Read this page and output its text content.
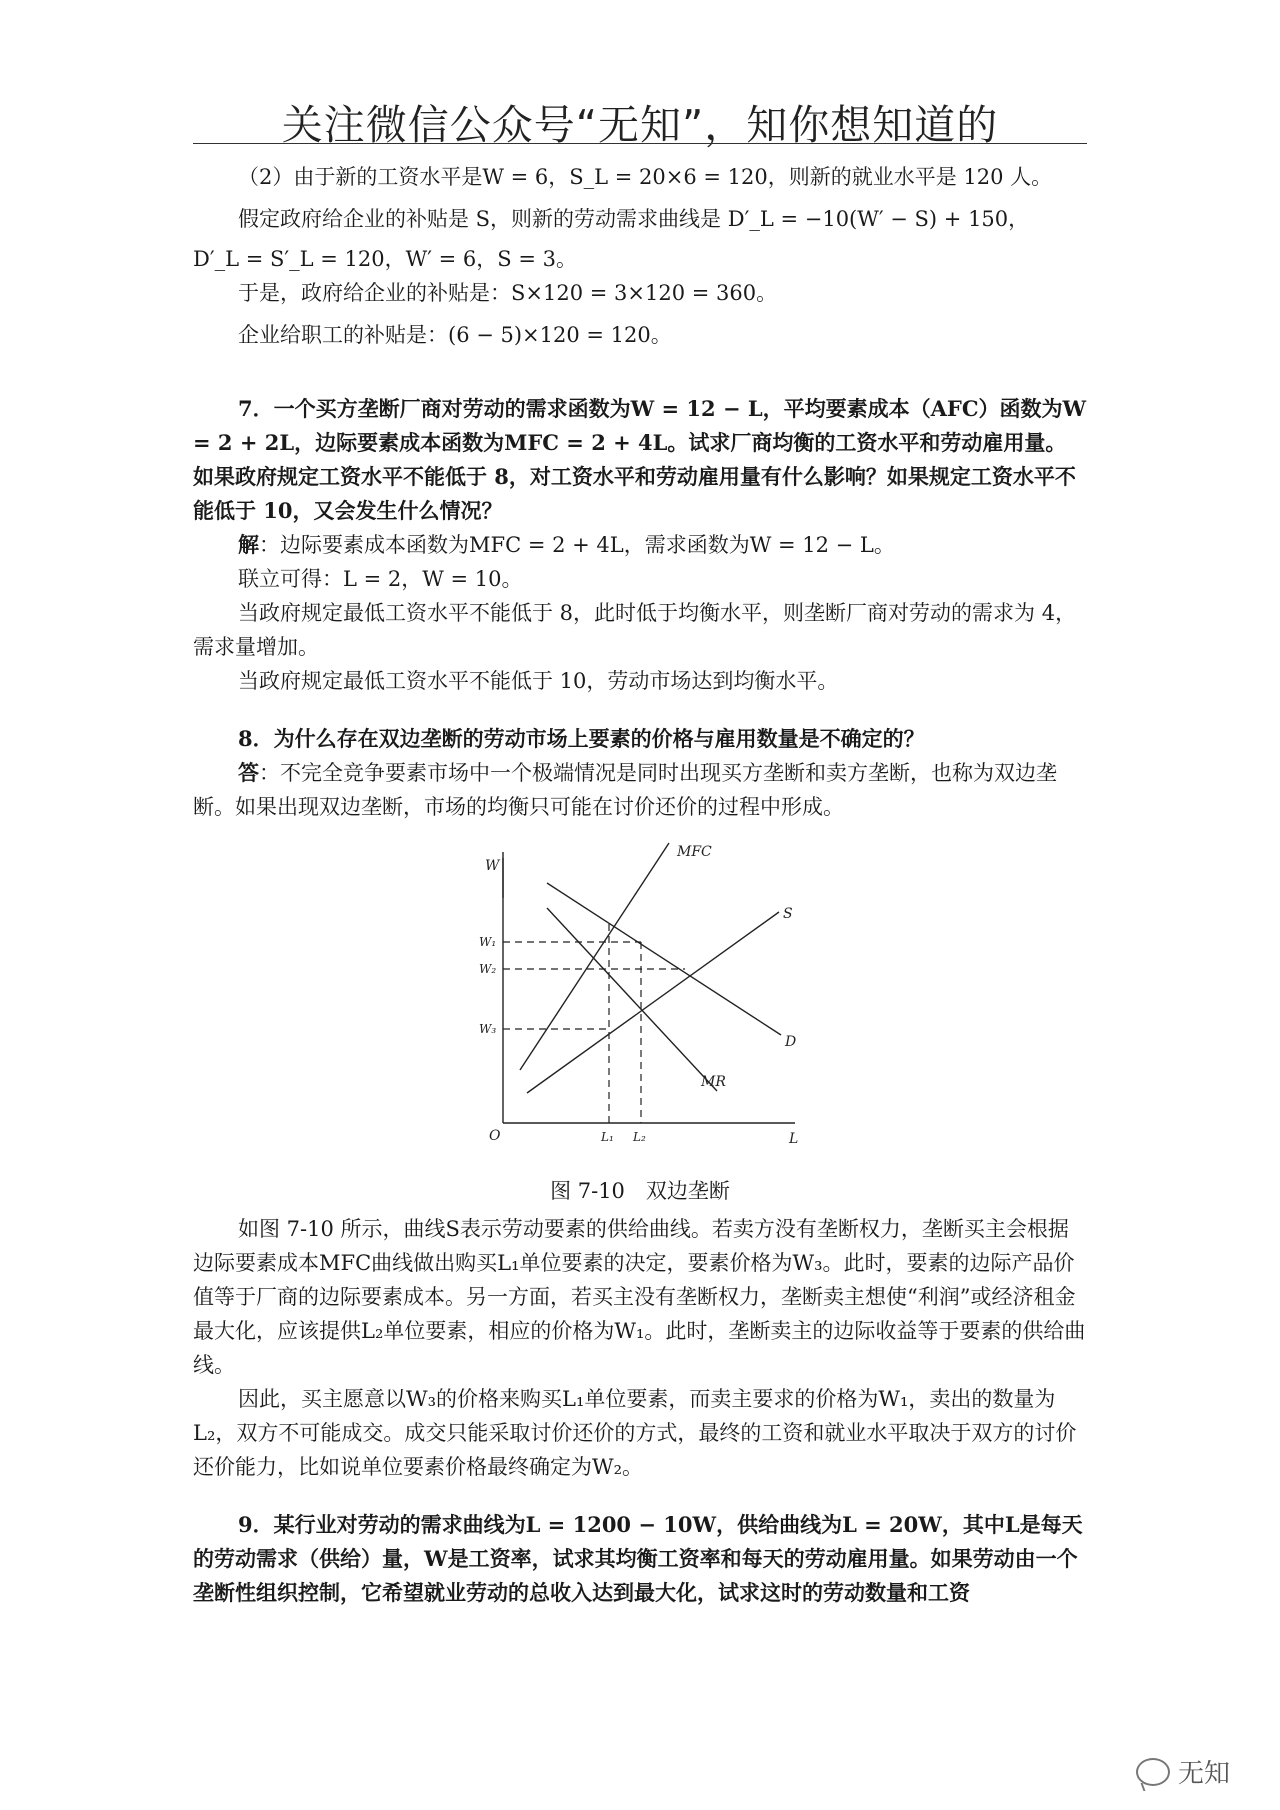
关注微信公众号“无知”，知你想知道的

（2）由于新的工资水平是W = 6，S_L = 20×6 = 120，则新的就业水平是 120 人。

假定政府给企业的补贴是 S，则新的劳动需求曲线是 D′_L = −10(W′ − S) + 150，

D′_L = S′_L = 120，W′ = 6，S = 3。

于是，政府给企业的补贴是：S×120 = 3×120 = 360。

企业给职工的补贴是：(6 − 5)×120 = 120。

7．一个买方垄断厂商对劳动的需求函数为W = 12 − L，平均要素成本（AFC）函数为W = 2 + 2L，边际要素成本函数为MFC = 2 + 4L。试求厂商均衡的工资水平和劳动雇用量。如果政府规定工资水平不能低于 8，对工资水平和劳动雇用量有什么影响？如果规定工资水平不能低于 10，又会发生什么情况？

解：边际要素成本函数为MFC = 2 + 4L，需求函数为W = 12 − L。

联立可得：L = 2，W = 10。

当政府规定最低工资水平不能低于 8，此时低于均衡水平，则垄断厂商对劳动的需求为 4，需求量增加。

当政府规定最低工资水平不能低于 10，劳动市场达到均衡水平。

8．为什么存在双边垄断的劳动市场上要素的价格与雇用数量是不确定的？

答：不完全竞争要素市场中一个极端情况是同时出现买方垄断和卖方垄断，也称为双边垄断。如果出现双边垄断，市场的均衡只可能在讨价还价的过程中形成。

W
L
O
MFC
S
D
MR
W₁
W₂
W₃
L₁ L₂

图 7-10　双边垄断

如图 7-10 所示，曲线S表示劳动要素的供给曲线。若卖方没有垄断权力，垄断买主会根据边际要素成本MFC曲线做出购买L₁单位要素的决定，要素价格为W₃。此时，要素的边际产品价值等于厂商的边际要素成本。另一方面，若买主没有垄断权力，垄断卖主想使“利润”或经济租金最大化，应该提供L₂单位要素，相应的价格为W₁。此时，垄断卖主的边际收益等于要素的供给曲线。

因此，买主愿意以W₃的价格来购买L₁单位要素，而卖主要求的价格为W₁，卖出的数量为L₂，双方不可能成交。成交只能采取讨价还价的方式，最终的工资和就业水平取决于双方的讨价还价能力，比如说单位要素价格最终确定为W₂。

9．某行业对劳动的需求曲线为L = 1200 − 10W，供给曲线为L = 20W，其中L是每天的劳动需求（供给）量，W是工资率，试求其均衡工资率和每天的劳动雇用量。如果劳动由一个垄断性组织控制，它希望就业劳动的总收入达到最大化，试求这时的劳动数量和工资

无知
